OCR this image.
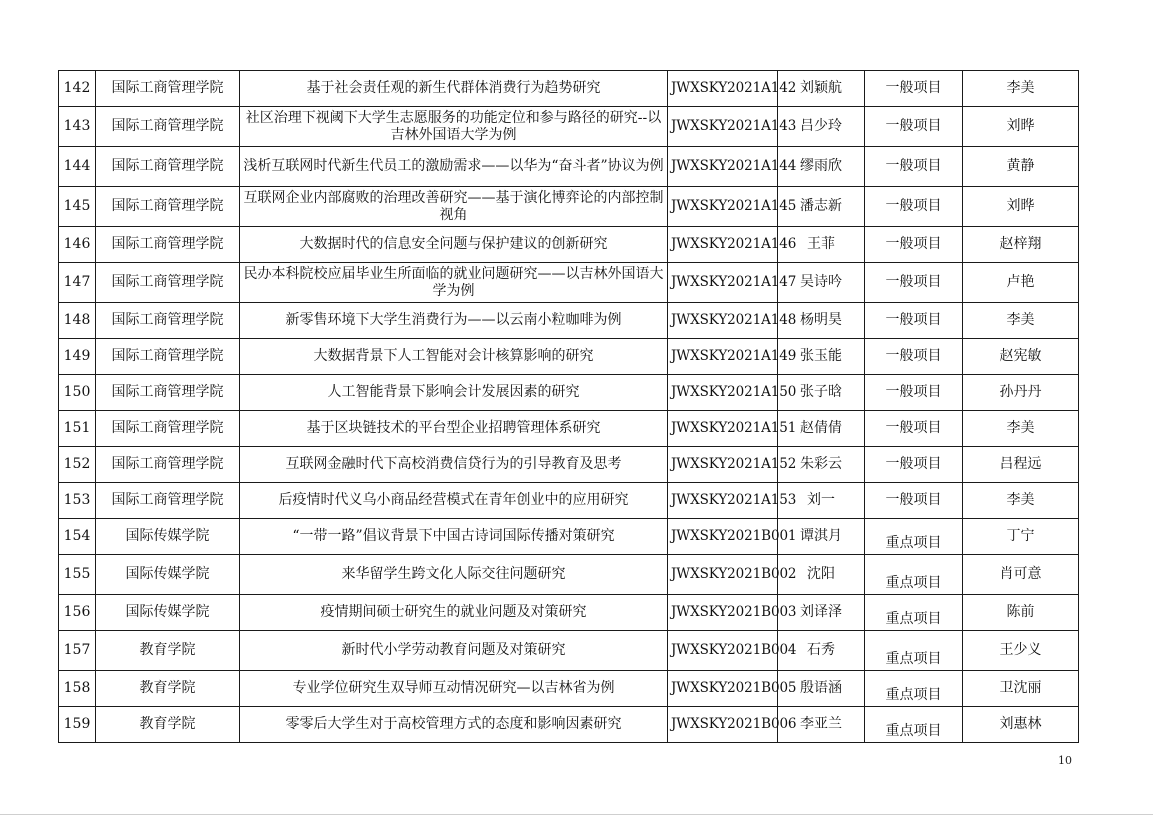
142	国际工商管理学院	基于社会责任观的新生代群体消费行为趋势研究	JWXSKY2021A142	刘颖航	一般项目	李美
143	国际工商管理学院	社区治理下视阈下大学生志愿服务的功能定位和参与路径的研究--以吉林外国语大学为例	JWXSKY2021A143	吕少玲	一般项目	刘晔
144	国际工商管理学院	浅析互联网时代新生代员工的激励需求——以华为“奋斗者”协议为例	JWXSKY2021A144	缪雨欣	一般项目	黄静
145	国际工商管理学院	互联网企业内部腐败的治理改善研究——基于演化博弈论的内部控制视角	JWXSKY2021A145	潘志新	一般项目	刘晔
146	国际工商管理学院	大数据时代的信息安全问题与保护建议的创新研究	JWXSKY2021A146	王菲	一般项目	赵梓翔
147	国际工商管理学院	民办本科院校应届毕业生所面临的就业问题研究——以吉林外国语大学为例	JWXSKY2021A147	吴诗吟	一般项目	卢艳
148	国际工商管理学院	新零售环境下大学生消费行为——以云南小粒咖啡为例	JWXSKY2021A148	杨明昊	一般项目	李美
149	国际工商管理学院	大数据背景下人工智能对会计核算影响的研究	JWXSKY2021A149	张玉能	一般项目	赵宪敏
150	国际工商管理学院	人工智能背景下影响会计发展因素的研究	JWXSKY2021A150	张子晗	一般项目	孙丹丹
151	国际工商管理学院	基于区块链技术的平台型企业招聘管理体系研究	JWXSKY2021A151	赵倩倩	一般项目	李美
152	国际工商管理学院	互联网金融时代下高校消费信贷行为的引导教育及思考	JWXSKY2021A152	朱彩云	一般项目	吕程远
153	国际工商管理学院	后疫情时代义乌小商品经营模式在青年创业中的应用研究	JWXSKY2021A153	刘一	一般项目	李美
154	国际传媒学院	“一带一路”倡议背景下中国古诗词国际传播对策研究	JWXSKY2021B001	谭淇月	重点项目	丁宁
155	国际传媒学院	来华留学生跨文化人际交往问题研究	JWXSKY2021B002	沈阳	重点项目	肖可意
156	国际传媒学院	疫情期间硕士研究生的就业问题及对策研究	JWXSKY2021B003	刘译泽	重点项目	陈前
157	教育学院	新时代小学劳动教育问题及对策研究	JWXSKY2021B004	石秀	重点项目	王少义
158	教育学院	专业学位研究生双导师互动情况研究—以吉林省为例	JWXSKY2021B005	殷语涵	重点项目	卫沈丽
159	教育学院	零零后大学生对于高校管理方式的态度和影响因素研究	JWXSKY2021B006	李亚兰	重点项目	刘惠林
10
